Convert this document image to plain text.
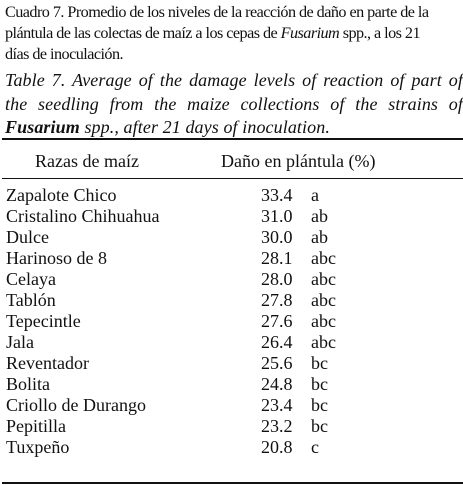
Cuadro 7. Promedio de los niveles de la reacción de daño en parte de la
plántula de las colectas de maíz a los cepas de Fusarium spp., a los 21
días de inoculación.
Table 7. Average of the damage levels of reaction of part of
the seedling from the maize collections of the strains of
Fusarium spp., after 21 days of inoculation.
Razas de maíz	Daño en plántula (%)
Zapalote Chico	33.4 a
Cristalino Chihuahua	31.0 ab
Dulce	30.0 ab
Harinoso de 8	28.1 abc
Celaya	28.0 abc
Tablón	27.8 abc
Tepecintle	27.6 abc
Jala	26.4 abc
Reventador	25.6 bc
Bolita	24.8 bc
Criollo de Durango	23.4 bc
Pepitilla	23.2 bc
Tuxpeño	20.8 c
